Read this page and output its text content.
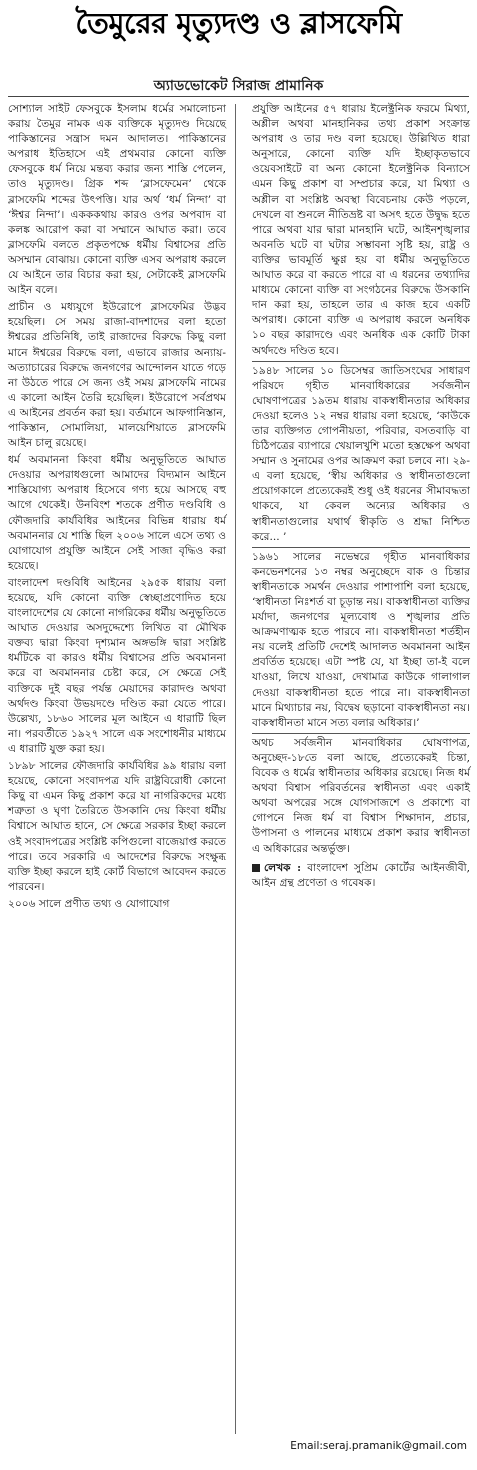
তৈমুরের মৃত্যুদণ্ড ও ব্লাসফেমি
অ্যাডভোকেট সিরাজ প্রামানিক

সোশ্যাল সাইট ফেসবুকে ইসলাম ধর্মের সমালোচনা করায় তৈমুর নামক এক ব্যক্তিকে মৃত্যুদণ্ড দিয়েছে পাকিস্তানের সন্ত্রাস দমন আদালত। পাকিস্তানের অপরাধ ইতিহাসে এই প্রথমবার কোনো ব্যক্তি ফেসবুকে ধর্ম নিয়ে মন্তব্য করার জন্য শাস্তি পেলেন, তাও মৃত্যুদণ্ড। গ্রিক শব্দ ‘ব্লাসফেমেন’ থেকে ব্লাসফেমি শব্দের উৎপত্তি। যার অর্থ ‘ধর্ম নিন্দা’ বা ‘ঈশ্বর নিন্দা’। একককথায় কারও ওপর অপবাদ বা কলঙ্ক আরোপ করা বা সম্মানে আঘাত করা। তবে ব্লাসফেমি বলতে প্রকৃতপক্ষে ধর্মীয় বিশ্বাসের প্রতি অসম্মান বোঝায়। কোনো ব্যক্তি এসব অপরাধ করলে যে আইনে তার বিচার করা হয়, সেটাকেই ব্লাসফেমি আইন বলে।

প্রাচীন ও মধ্যযুগে ইউরোপে ব্লাসফেমির উদ্ভব হয়েছিল। সে সময় রাজা-বাদশাদের বলা হতো ঈশ্বরের প্রতিনিধি, তাই রাজাদের বিরুদ্ধে কিছু বলা মানে ঈশ্বরের বিরুদ্ধে বলা, এভাবে রাজার অন্যায়-অত্যাচারের বিরুদ্ধে জনগণের আন্দোলন যাতে গড়ে না উঠতে পারে সে জন্য ওই সময় ব্লাসফেমি নামের এ কালো আইন তৈরি হয়েছিল। ইউরোপে সর্বপ্রথম এ আইনের প্রবর্তন করা হয়। বর্তমানে আফগানিস্তান, পাকিস্তান, সোমালিয়া, মালয়েশিয়াতে ব্লাসফেমি আইন চালু রয়েছে।

ধর্ম অবমাননা কিংবা ধর্মীয় অনুভূতিতে আঘাত দেওয়ার অপরাধগুলো আমাদের বিদ্যমান আইনে শাস্তিযোগ্য অপরাধ হিসেবে গণ্য হয়ে আসছে বহু আগে থেকেই। উনবিংশ শতকে প্রণীত দণ্ডবিধি ও ফৌজদারি কার্যবিধির আইনের বিভিন্ন ধারায় ধর্ম অবমাননার যে শাস্তি ছিল ২০০৬ সালে এসে তথ্য ও যোগাযোগ প্রযুক্তি আইনে সেই সাজা বৃদ্ধিও করা হয়েছে।

বাংলাদেশ দণ্ডবিধি আইনের ২৯৫ক ধারায় বলা হয়েছে, যদি কোনো ব্যক্তি স্বেচ্ছাপ্রণোদিত হয়ে বাংলাদেশের যে কোনো নাগরিকের ধর্মীয় অনুভূতিতে আঘাত দেওয়ার অসদুদ্দেশ্যে লিখিত বা মৌখিক বক্তব্য দ্বারা কিংবা দৃশ্যমান অঙ্গভঙ্গি দ্বারা সংশ্লিষ্ট ধর্মটিকে বা কারও ধর্মীয় বিশ্বাসের প্রতি অবমাননা করে বা অবমাননার চেষ্টা করে, সে ক্ষেত্রে সেই ব্যক্তিকে দুই বছর পর্যন্ত মেয়াদের কারাদণ্ড অথবা অর্থদণ্ড কিংবা উভয়দণ্ডে দণ্ডিত করা যেতে পারে। উল্লেখ্য, ১৮৬০ সালের মূল আইনে এ ধারাটি ছিল না। পরবর্তীতে ১৯২৭ সালে এক সংশোধনীর মাধ্যমে এ ধারাটি যুক্ত করা হয়।

১৮৯৮ সালের ফৌজদারি কার্যবিধির ৯৯ ধারায় বলা হয়েছে, কোনো সংবাদপত্র যদি রাষ্ট্রবিরোধী কোনো কিছু বা এমন কিছু প্রকাশ করে যা নাগরিকদের মধ্যে শত্রুতা ও ঘৃণা তৈরিতে উসকানি দেয় কিংবা ধর্মীয় বিশ্বাসে আঘাত হানে, সে ক্ষেত্রে সরকার ইচ্ছা করলে ওই সংবাদপত্রের সংশ্লিষ্ট কপিগুলো বাজেয়াপ্ত করতে পারে। তবে সরকারি এ আদেশের বিরুদ্ধে সংক্ষুব্ধ ব্যক্তি ইচ্ছা করলে হাই কোর্ট বিভাগে আবেদন করতে পারবেন।

২০০৬ সালে প্রণীত তথ্য ও যোগাযোগ

প্রযুক্তি আইনের ৫৭ ধারায় ইলেক্ট্রনিক ফরমে মিথ্যা, অশ্লীল অথবা মানহানিকর তথ্য প্রকাশ সংক্রান্ত অপরাধ ও তার দণ্ড বলা হয়েছে। উল্লিখিত ধারা অনুসারে, কোনো ব্যক্তি যদি ইচ্ছাকৃতভাবে ওয়েবসাইটে বা অন্য কোনো ইলেক্ট্রনিক বিন্যাসে এমন কিছু প্রকাশ বা সম্প্রচার করে, যা মিথ্যা ও অশ্লীল বা সংশ্লিষ্ট অবস্থা বিবেচনায় কেউ পড়লে, দেখলে বা শুনলে নীতিভ্রষ্ট বা অসৎ হতে উদ্বুদ্ধ হতে পারে অথবা যার দ্বারা মানহানি ঘটে, আইনশৃঙ্খলার অবনতি ঘটে বা ঘটার সম্ভাবনা সৃষ্টি হয়, রাষ্ট্র ও ব্যক্তির ভাবমূর্তি ক্ষুণ্ণ হয় বা ধর্মীয় অনুভূতিতে আঘাত করে বা করতে পারে বা এ ধরনের তথ্যাদির মাধ্যমে কোনো ব্যক্তি বা সংগঠনের বিরুদ্ধে উসকানি দান করা হয়, তাহলে তার এ কাজ হবে একটি অপরাধ। কোনো ব্যক্তি এ অপরাধ করলে অনধিক ১০ বছর কারাদণ্ডে এবং অনধিক এক কোটি টাকা অর্থদণ্ডে দণ্ডিত হবে।

১৯৪৮ সালের ১০ ডিসেম্বর জাতিসংঘের সাধারণ পরিষদে গৃহীত মানবাধিকারের সর্বজনীন ঘোষণাপত্রের ১৯তম ধারায় বাকস্বাধীনতার অধিকার দেওয়া হলেও ১২ নম্বর ধারায় বলা হয়েছে, ‘কাউকে তার ব্যক্তিগত গোপনীয়তা, পরিবার, বসতবাড়ি বা চিঠিপত্রের ব্যাপারে খেয়ালখুশি মতো হস্তক্ষেপ অথবা সম্মান ও সুনামের ওপর আক্রমণ করা চলবে না। ২৯-এ বলা হয়েছে, ‘স্বীয় অধিকার ও স্বাধীনতাগুলো প্রয়োগকালে প্রত্যেকেরই শুধু ওই ধরনের সীমাবদ্ধতা থাকবে, যা কেবল অন্যের অধিকার ও স্বাধীনতাগুলোর যথার্থ স্বীকৃতি ও শ্রদ্ধা নিশ্চিত করে... ’

১৯৬১ সালের নভেম্বরে গৃহীত মানবাধিকার কনভেনশনের ১৩ নম্বর অনুচ্ছেদে বাক ও চিন্তার স্বাধীনতাকে সমর্থন দেওয়ার পাশাপাশি বলা হয়েছে, ‘স্বাধীনতা নিঃশর্ত বা চূড়ান্ত নয়। বাকস্বাধীনতা ব্যক্তির মর্যাদা, জনগণের মূল্যবোধ ও শৃঙ্খলার প্রতি আক্রমণাত্মক হতে পারবে না। বাকস্বাধীনতা শর্তহীন নয় বলেই প্রতিটি দেশেই আদালত অবমাননা আইন প্রবর্তিত হয়েছে। এটা স্পষ্ট যে, যা ইচ্ছা তা-ই বলে যাওয়া, লিখে যাওয়া, দেখামাত্র কাউকে গালাগাল দেওয়া বাকস্বাধীনতা হতে পারে না। বাকস্বাধীনতা মানে মিথ্যাচার নয়, বিদ্বেষ ছড়ানো বাকস্বাধীনতা নয়। বাকস্বাধীনতা মানে সত্য বলার অধিকার।’

অথচ সর্বজনীন মানবাধিকার ঘোষণাপত্র, অনুচ্ছেদ-১৮তে বলা আছে, প্রত্যেকেরই চিন্তা, বিবেক ও ধর্মের স্বাধীনতার অধিকার রয়েছে। নিজ ধর্ম অথবা বিশ্বাস পরিবর্তনের স্বাধীনতা এবং একাই অথবা অপরের সঙ্গে যোগসাজশে ও প্রকাশ্যে বা গোপনে নিজ ধর্ম বা বিশ্বাস শিক্ষাদান, প্রচার, উপাসনা ও পালনের মাধ্যমে প্রকাশ করার স্বাধীনতা এ অধিকারের অন্তর্ভুক্ত।

লেখক : বাংলাদেশ সুপ্রিম কোর্টের আইনজীবী, আইন গ্রন্থ প্রণেতা ও গবেষক।
Email:seraj.pramanik@gmail.com
